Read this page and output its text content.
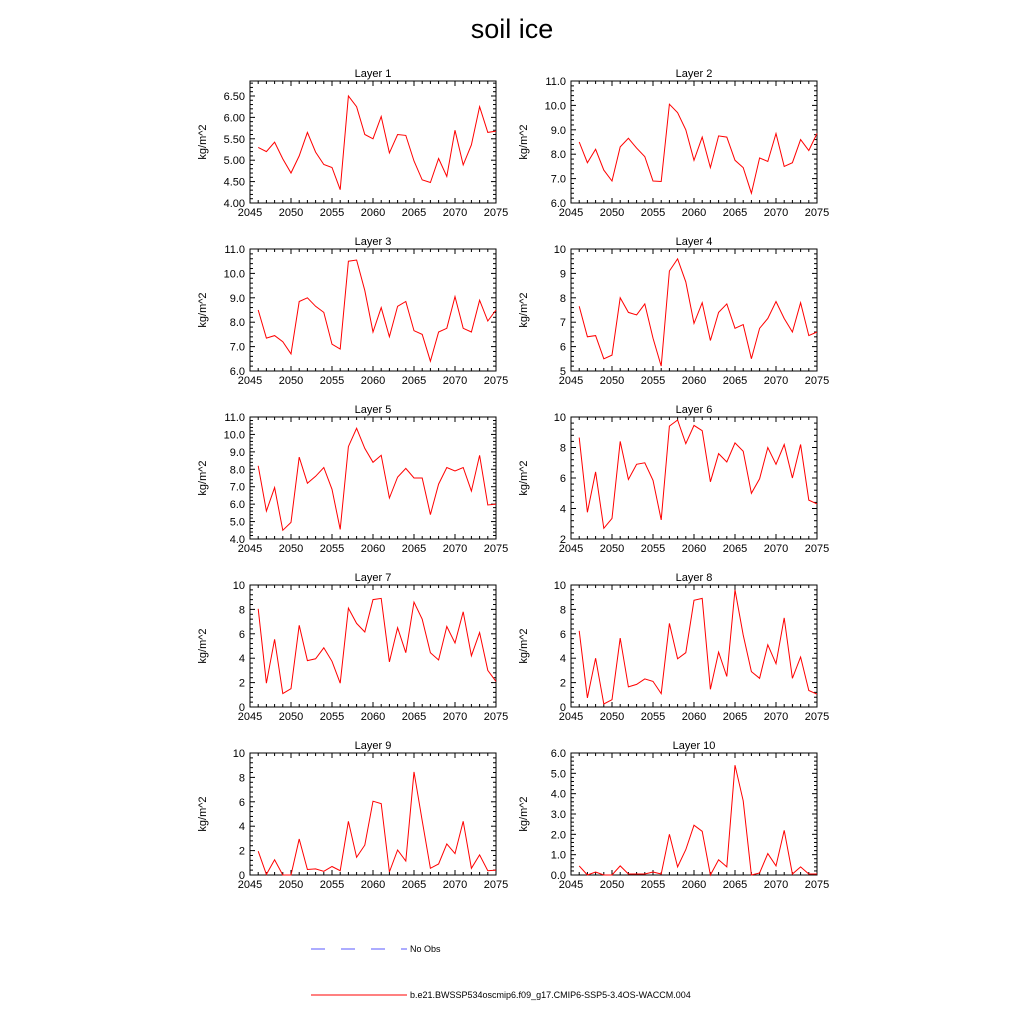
soil ice
Layer 1
kg/m^2
2045 2050 2055 2060 2065 2070 2075
4.00
4.50
5.00
5.50
6.00
6.50
Layer 2
kg/m^2
2045 2050 2055 2060 2065 2070 2075
6.0
7.0
8.0
9.0
10.0
11.0
Layer 3
kg/m^2
2045 2050 2055 2060 2065 2070 2075
6.0
7.0
8.0
9.0
10.0
11.0
Layer 4
kg/m^2
2045 2050 2055 2060 2065 2070 2075
5
6
7
8
9
10
Layer 5
kg/m^2
2045 2050 2055 2060 2065 2070 2075
4.0
5.0
6.0
7.0
8.0
9.0
10.0
11.0
Layer 6
kg/m^2
2045 2050 2055 2060 2065 2070 2075
2
4
6
8
10
Layer 7
kg/m^2
2045 2050 2055 2060 2065 2070 2075
0
2
4
6
8
10
Layer 8
kg/m^2
2045 2050 2055 2060 2065 2070 2075
0
2
4
6
8
10
Layer 9
kg/m^2
2045 2050 2055 2060 2065 2070 2075
0
2
4
6
8
10
Layer 10
kg/m^2
2045 2050 2055 2060 2065 2070 2075
0.0
1.0
2.0
3.0
4.0
5.0
6.0
No Obs
b.e21.BWSSP534oscmip6.f09_g17.CMIP6-SSP5-3.4OS-WACCM.004
